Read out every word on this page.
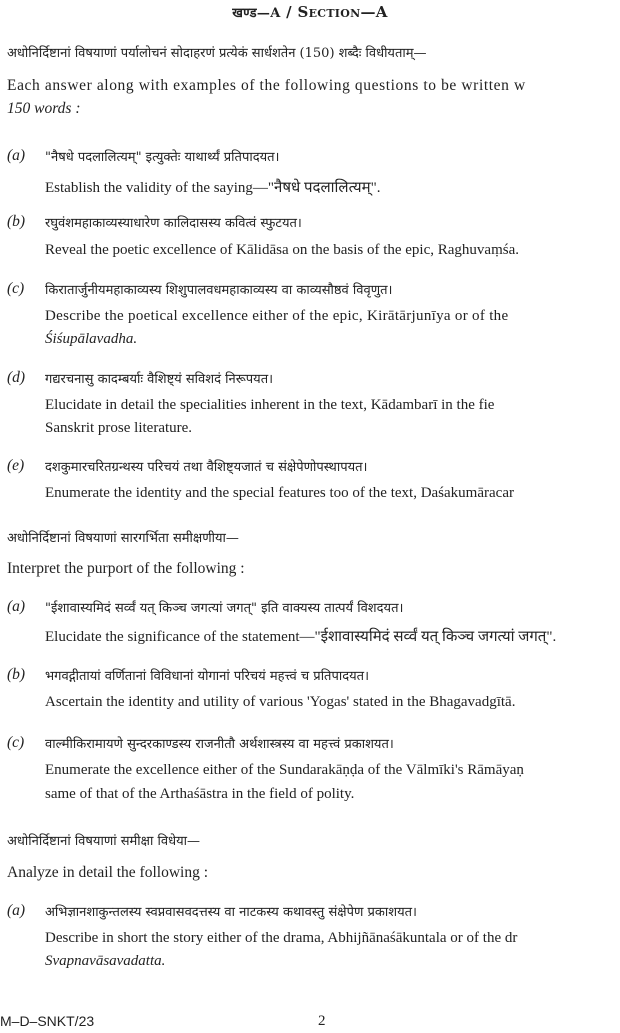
खण्ड—A / Section—A
अधोनिर्दिष्टानां विषयाणां पर्यालोचनं सोदाहरणं प्रत्येकं सार्धशतेन (150) शब्दैः विधीयताम्—
Each answer along with examples of the following questions to be written w
150 words :
(a) "नैषधे पदलालित्यम्" इत्युक्तेः याथार्थ्यं प्रतिपादयत।
Establish the validity of the saying—"नैषधे पदलालित्यम्".
(b) रघुवंशमहाकाव्यस्याधारेण कालिदासस्य कवित्वं स्फुटयत।
Reveal the poetic excellence of Kālidāsa on the basis of the epic, Raghuvaṃśa.
(c) किरातार्जुनीयमहाकाव्यस्य शिशुपालवधमहाकाव्यस्य वा काव्यसौष्ठवं विवृणुत।
Describe the poetical excellence either of the epic, Kirātārjunīya or of the
Śiśupālavadha.
(d) गद्यरचनासु कादम्बर्याः वैशिष्ट्यं सविशदं निरूपयत।
Elucidate in detail the specialities inherent in the text, Kādambarī in the fie
Sanskrit prose literature.
(e) दशकुमारचरितग्रन्थस्य परिचयं तथा वैशिष्ट्यजातं च संक्षेपेणोपस्थापयत।
Enumerate the identity and the special features too of the text, Daśakumāracar
अधोनिर्दिष्टानां विषयाणां सारगर्भिता समीक्षणीया—
Interpret the purport of the following :
(a) "ईशावास्यमिदं सर्व्वं यत् किञ्च जगत्यां जगत्" इति वाक्यस्य तात्पर्यं विशदयत।
Elucidate the significance of the statement—"ईशावास्यमिदं सर्व्वं यत् किञ्च जगत्यां जगत्".
(b) भगवद्गीतायां वर्णितानां विविधानां योगानां परिचयं महत्त्वं च प्रतिपादयत।
Ascertain the identity and utility of various 'Yogas' stated in the Bhagavadgītā.
(c) वाल्मीकिरामायणे सुन्दरकाण्डस्य राजनीतौ अर्थशास्त्रस्य वा महत्त्वं प्रकाशयत।
Enumerate the excellence either of the Sundarakāṇḍa of the Vālmīki's Rāmāyaṇ
same of that of the Arthaśāstra in the field of polity.
अधोनिर्दिष्टानां विषयाणां समीक्षा विधेया—
Analyze in detail the following :
(a) अभिज्ञानशाकुन्तलस्य स्वप्नवासवदत्तस्य वा नाटकस्य कथावस्तु संक्षेपेण प्रकाशयत।
Describe in short the story either of the drama, Abhijñānaśākuntala or of the dr
Svapnavāsavadatta.
M–D–SNKT/23	2
